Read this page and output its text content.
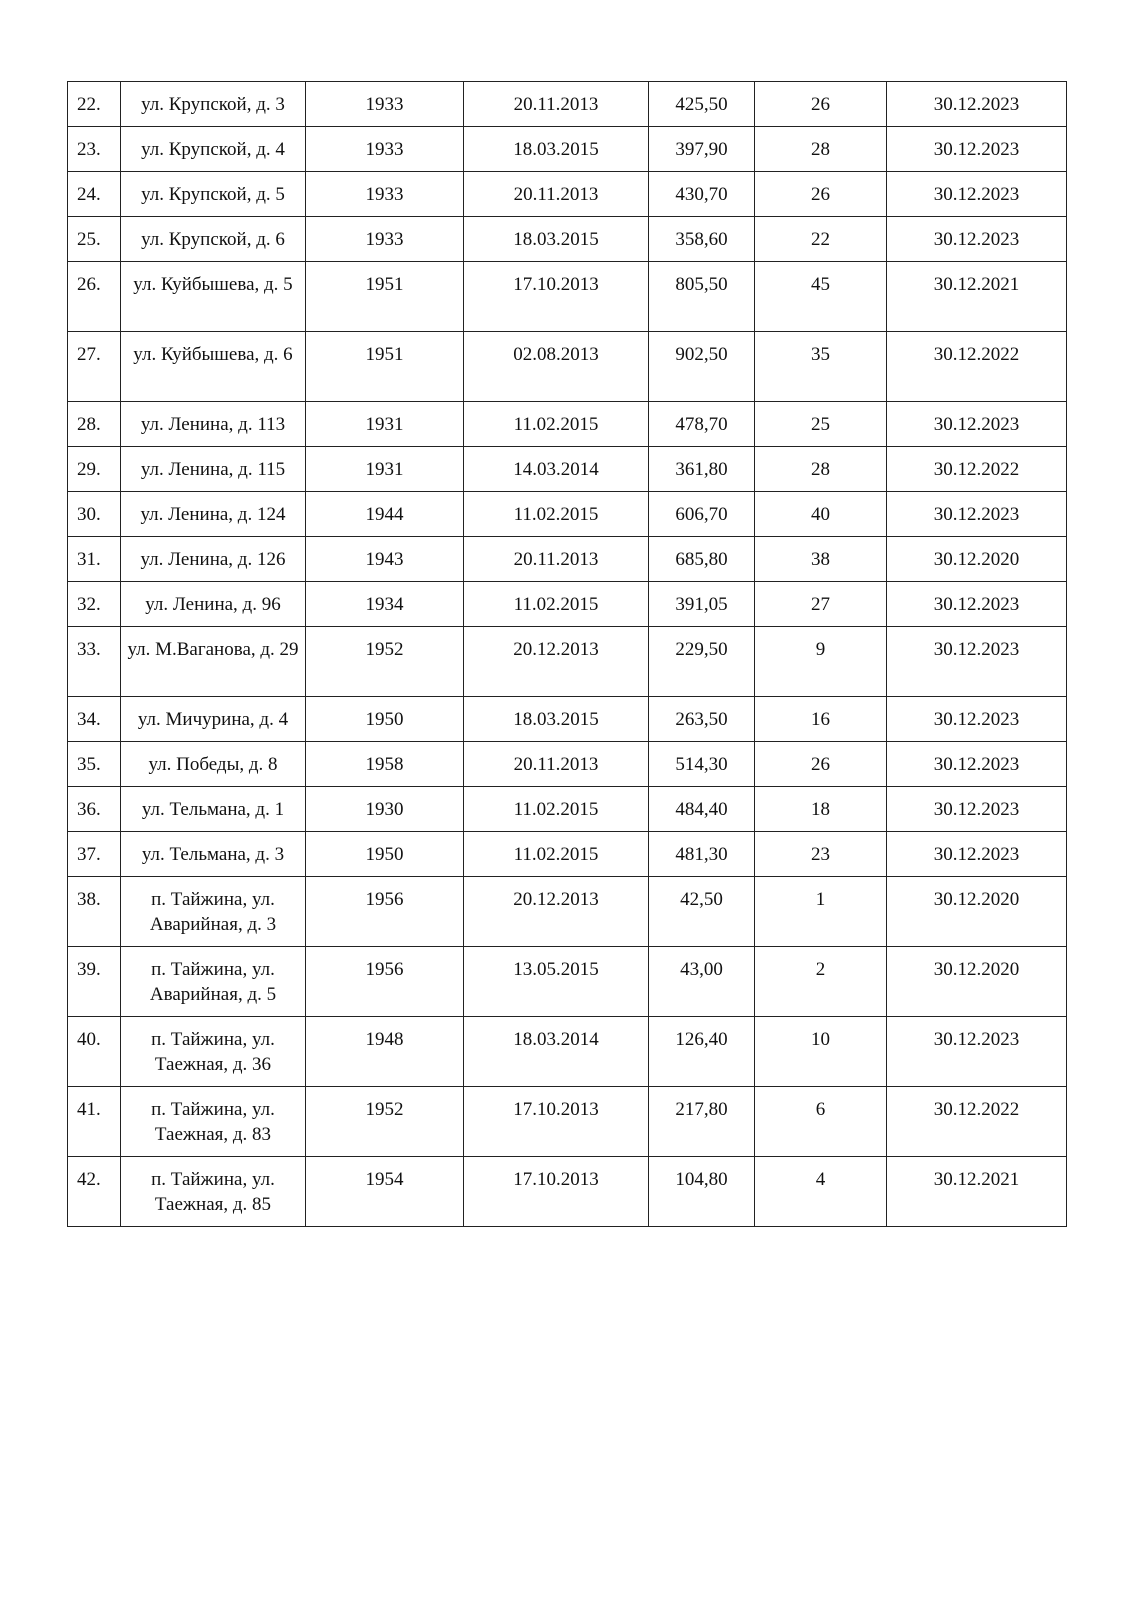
22.	ул. Крупской, д. 3	1933	20.11.2013	425,50	26	30.12.2023
23.	ул. Крупской, д. 4	1933	18.03.2015	397,90	28	30.12.2023
24.	ул. Крупской, д. 5	1933	20.11.2013	430,70	26	30.12.2023
25.	ул. Крупской, д. 6	1933	18.03.2015	358,60	22	30.12.2023
26.	ул. Куйбышева, д. 5	1951	17.10.2013	805,50	45	30.12.2021
27.	ул. Куйбышева, д. 6	1951	02.08.2013	902,50	35	30.12.2022
28.	ул. Ленина, д. 113	1931	11.02.2015	478,70	25	30.12.2023
29.	ул. Ленина, д. 115	1931	14.03.2014	361,80	28	30.12.2022
30.	ул. Ленина, д. 124	1944	11.02.2015	606,70	40	30.12.2023
31.	ул. Ленина, д. 126	1943	20.11.2013	685,80	38	30.12.2020
32.	ул. Ленина, д. 96	1934	11.02.2015	391,05	27	30.12.2023
33.	ул. М.Ваганова, д. 29	1952	20.12.2013	229,50	9	30.12.2023
34.	ул. Мичурина, д. 4	1950	18.03.2015	263,50	16	30.12.2023
35.	ул. Победы, д. 8	1958	20.11.2013	514,30	26	30.12.2023
36.	ул. Тельмана, д. 1	1930	11.02.2015	484,40	18	30.12.2023
37.	ул. Тельмана, д. 3	1950	11.02.2015	481,30	23	30.12.2023
38.	п. Тайжина, ул. Аварийная, д. 3	1956	20.12.2013	42,50	1	30.12.2020
39.	п. Тайжина, ул. Аварийная, д. 5	1956	13.05.2015	43,00	2	30.12.2020
40.	п. Тайжина, ул. Таежная, д. 36	1948	18.03.2014	126,40	10	30.12.2023
41.	п. Тайжина, ул. Таежная, д. 83	1952	17.10.2013	217,80	6	30.12.2022
42.	п. Тайжина, ул. Таежная, д. 85	1954	17.10.2013	104,80	4	30.12.2021
